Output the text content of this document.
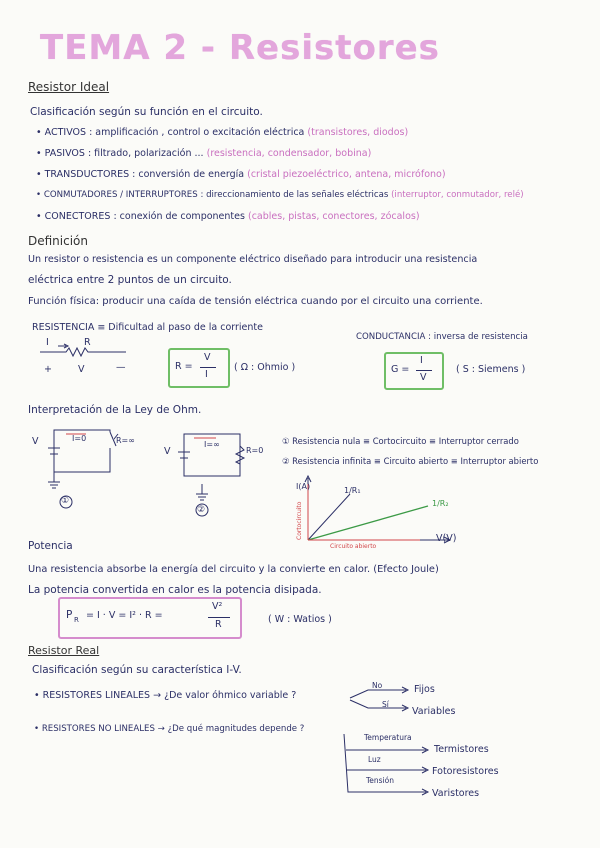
TEMA 2 - Resistores
Resistor Ideal
Clasificación según su función en el circuito.
• ACTIVOS : amplificación , control o excitación eléctrica (transistores, diodos)
• PASIVOS : filtrado, polarización ... (resistencia, condensador, bobina)
• TRANSDUCTORES : conversión de energía (cristal piezoeléctrico, antena, micrófono)
• CONMUTADORES / INTERRUPTORES : direccionamiento de las señales eléctricas (interruptor, conmutador, relé)
• CONECTORES : conexión de componentes (cables, pistas, conectores, zócalos)
Definición
Un resistor o resistencia es un componente eléctrico diseñado para introducir una resistencia
eléctrica entre 2 puntos de un circuito.
Función física: producir una caída de tensión eléctrica cuando por el circuito una corriente.
RESISTENCIA ≡ Dificultad al paso de la corriente
I	R
+	V	—	R =
V
I
( Ω : Ohmio )
CONDUCTANCIA : inversa de resistencia
G =
I
V
( S : Siemens )
Interpretación de la Ley de Ohm.
V	I=0	R=∞
①
V
I=∞
R=0
②
① Resistencia nula ≡ Cortocircuito ≡ Interruptor cerrado
② Resistencia infinita ≡ Circuito abierto ≡ Interruptor abierto
I(A)
V(V)
1/R₁
1/R₂
Cortocircuito
Circuito abierto
Potencia
Una resistencia absorbe la energía del circuito y la convierte en calor. (Efecto Joule)
La potencia convertida en calor es la potencia disipada.
P R = I · V = I² · R =
V²
R	( W : Watios )
Resistor Real
Clasificación según su característica I-V.
• RESISTORES LINEALES → ¿De valor óhmico variable ?
No
Sí
Fijos
Variables
• RESISTORES NO LINEALES → ¿De qué magnitudes depende ?
Temperatura
Luz
Tensión
Termistores
Fotoresistores
Varistores
